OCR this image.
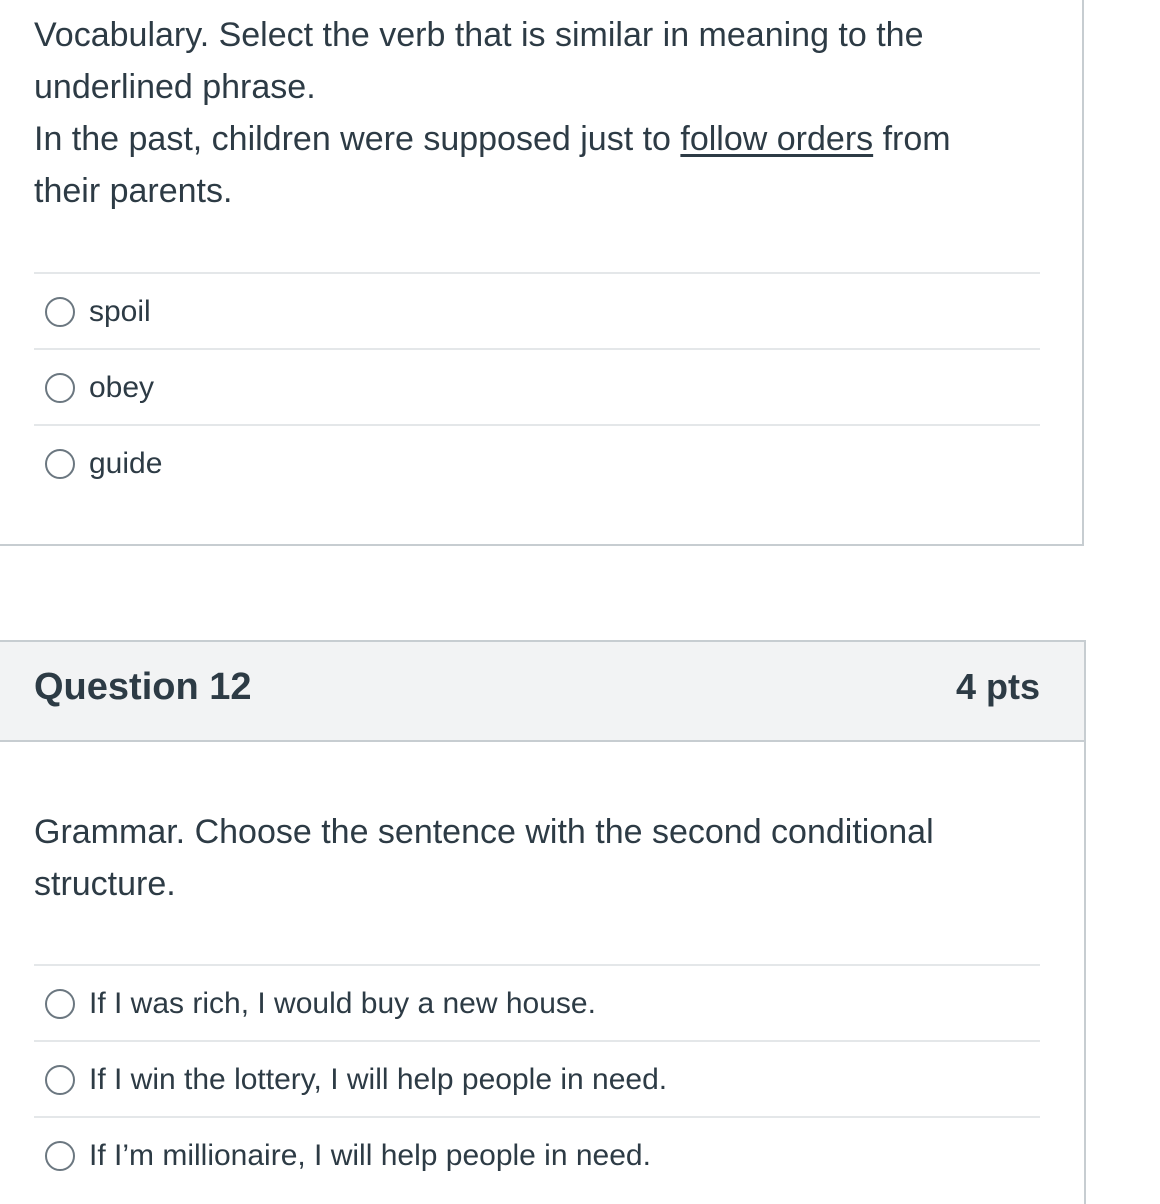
Vocabulary. Select the verb that is similar in meaning to the underlined phrase.

In the past, children were supposed just to follow orders from their parents.

spoil
obey
guide
Question 12	4 pts

Grammar. Choose the sentence with the second conditional structure.

If I was rich, I would buy a new house.
If I win the lottery, I will help people in need.
If I’m millionaire, I will help people in need.
